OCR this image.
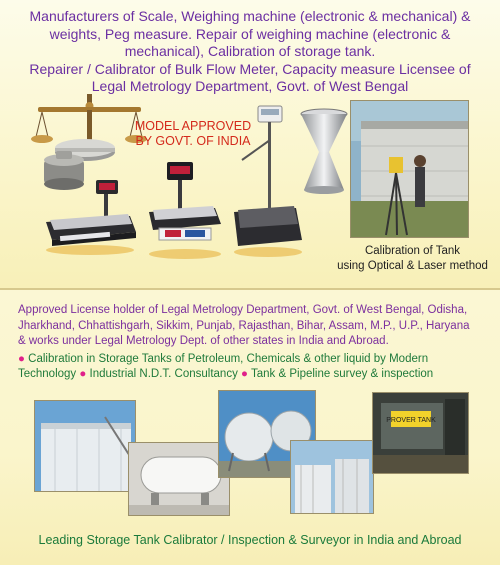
Manufacturers of Scale, Weighing machine (electronic & mechanical) &
weights, Peg measure. Repair of weighing machine (electronic &
mechanical), Calibration of storage tank.
Repairer / Calibrator of Bulk Flow Meter, Capacity measure Licensee of
Legal Metrology Department, Govt. of West Bengal
MODEL APPROVED
BY GOVT. OF INDIA
Calibration of Tank
using Optical & Laser method

Approved License holder of Legal Metrology Department, Govt. of West Bengal, Odisha,

Jharkhand, Chhattishgarh, Sikkim, Punjab, Rajasthan, Bihar, Assam, M.P., U.P., Haryana

& works under Legal Metrology Dept. of other states in India and Abroad.

● Calibration in Storage Tanks of Petroleum, Chemicals & other liquid by Modern
Technology ● Industrial N.D.T. Consultancy ● Tank & Pipeline survey & inspection

PROVER TANK
Leading Storage Tank Calibrator / Inspection & Surveyor in India and Abroad
